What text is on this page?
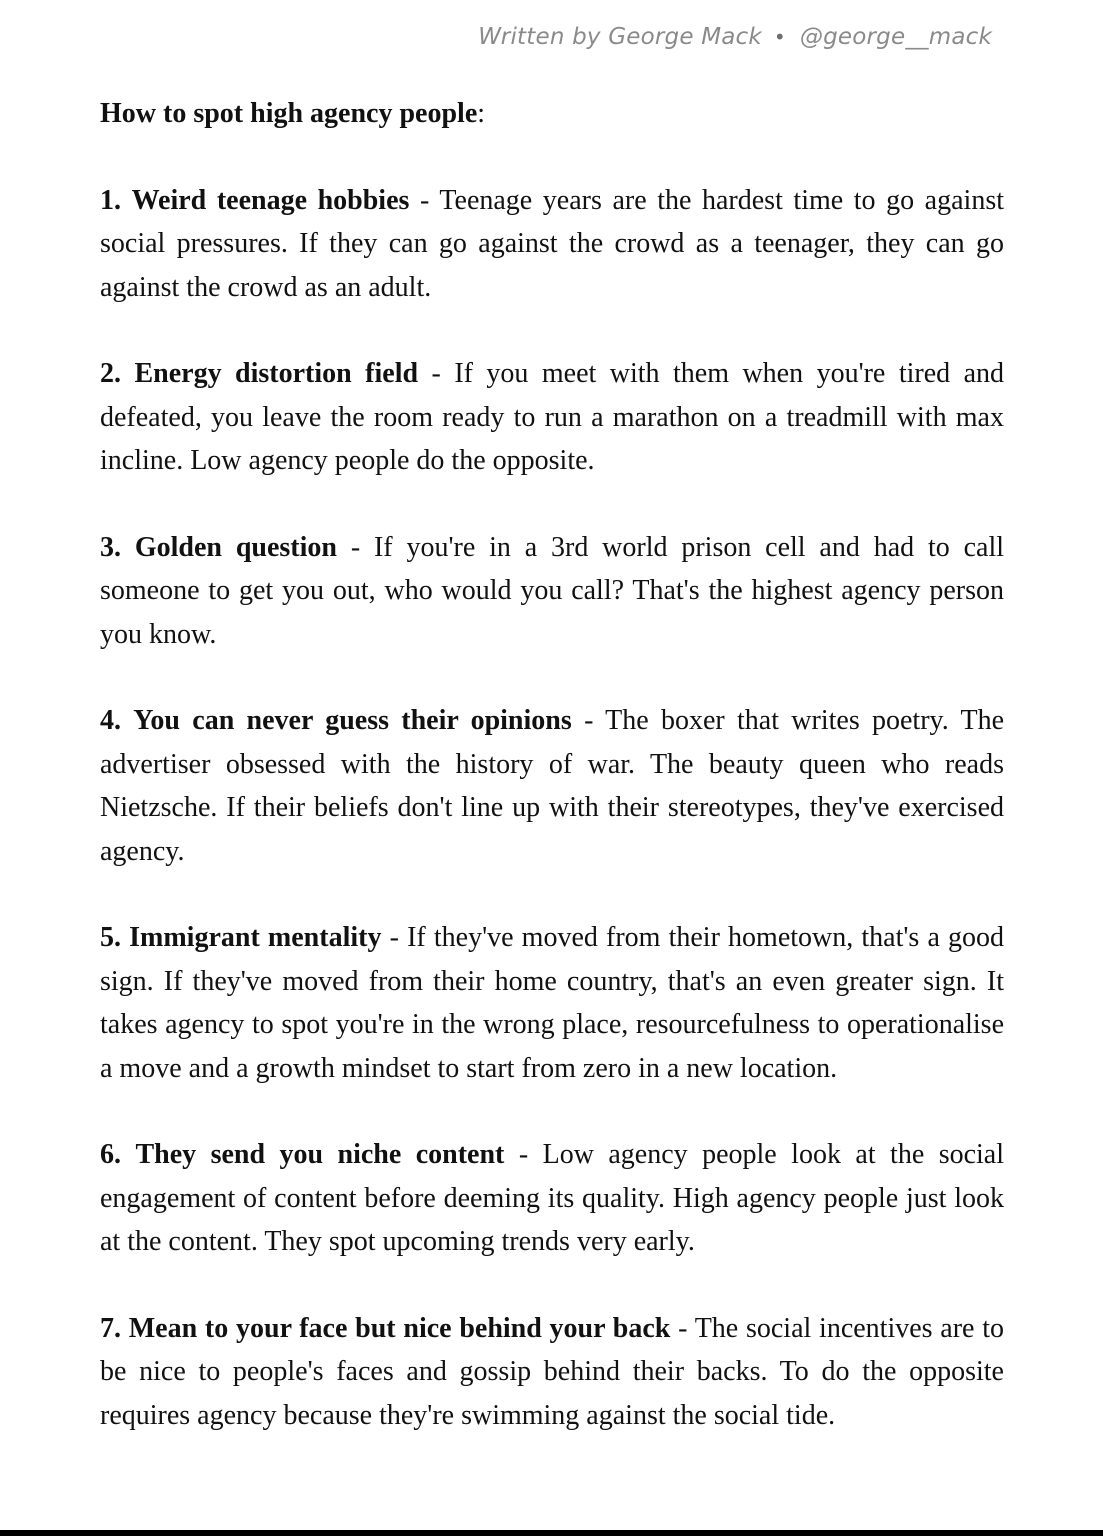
Written by George Mack • @george__mack

How to spot high agency people:

1. Weird teenage hobbies - Teenage years are the hardest time to go against social pressures. If they can go against the crowd as a teenager, they can go against the crowd as an adult.

2. Energy distortion field - If you meet with them when you're tired and defeated, you leave the room ready to run a marathon on a treadmill with max incline. Low agency people do the opposite.

3. Golden question - If you're in a 3rd world prison cell and had to call someone to get you out, who would you call? That's the highest agency person you know.

4. You can never guess their opinions - The boxer that writes poetry. The advertiser obsessed with the history of war. The beauty queen who reads Nietzsche. If their beliefs don't line up with their stereotypes, they've exercised agency.

5. Immigrant mentality - If they've moved from their hometown, that's a good sign. If they've moved from their home country, that's an even greater sign. It takes agency to spot you're in the wrong place, resourcefulness to operationalise a move and a growth mindset to start from zero in a new location.

6. They send you niche content - Low agency people look at the social engagement of content before deeming its quality. High agency people just look at the content. They spot upcoming trends very early.

7. Mean to your face but nice behind your back - The social incentives are to be nice to people's faces and gossip behind their backs. To do the opposite requires agency because they're swimming against the social tide.
